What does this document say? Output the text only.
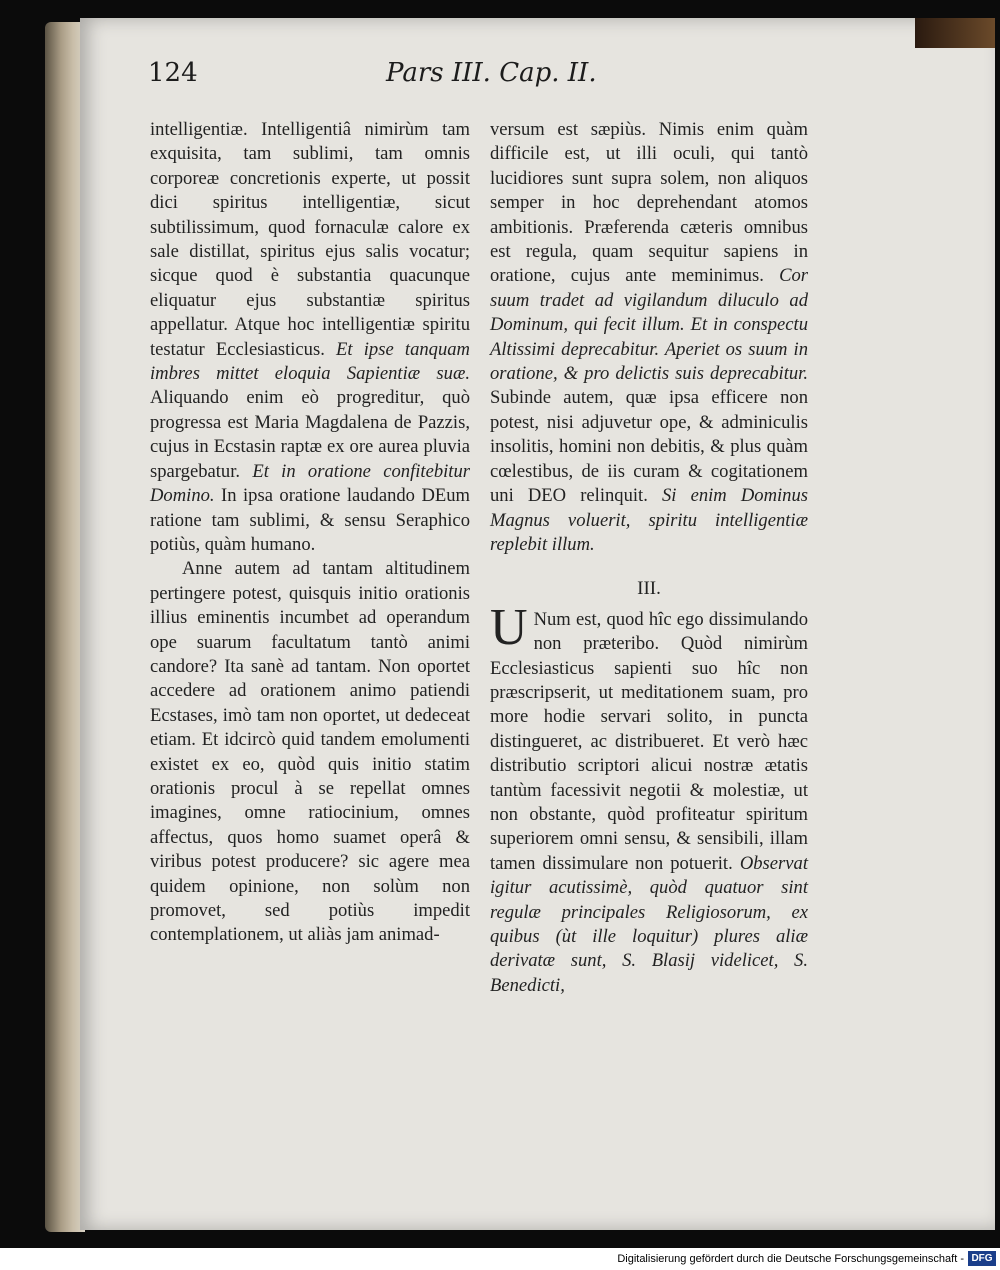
124	Pars III. Cap. II.

intelligentiæ. Intelligentiâ nimirùm tam exquisita, tam sublimi, tam omnis corporeæ concretionis experte, ut possit dici spiritus intelligentiæ, sicut subtilissimum, quod fornaculæ calore ex sale distillat, spiritus ejus salis vocatur; sicque quod è substantia quacunque eliquatur ejus substantiæ spiritus appellatur. Atque hoc intelligentiæ spiritu testatur Ecclesiasticus. Et ipse tanquam imbres mittet eloquia Sapientiæ suæ. Aliquando enim eò progreditur, quò progressa est Maria Magdalena de Pazzis, cujus in Ecstasin raptæ ex ore aurea pluvia spargebatur. Et in oratione confitebitur Domino. In ipsa oratione laudando DEum ratione tam sublimi, & sensu Seraphico potiùs, quàm humano.

Anne autem ad tantam altitudinem pertingere potest, quisquis initio orationis illius eminentis incumbet ad operandum ope suarum facultatum tantò animi candore? Ita sanè ad tantam. Non oportet accedere ad orationem animo patiendi Ecstases, imò tam non oportet, ut dedeceat etiam. Et idcircò quid tandem emolumenti existet ex eo, quòd quis initio statim orationis procul à se repellat omnes imagines, omne ratiocinium, omnes affectus, quos homo suamet operâ & viribus potest producere? sic agere mea quidem opinione, non solùm non promovet, sed potiùs impedit contemplationem, ut aliàs jam animad-

versum est sæpiùs. Nimis enim quàm difficile est, ut illi oculi, qui tantò lucidiores sunt supra solem, non aliquos semper in hoc deprehendant atomos ambitionis. Præferenda cæteris omnibus est regula, quam sequitur sapiens in oratione, cujus ante meminimus. Cor suum tradet ad vigilandum diluculo ad Dominum, qui fecit illum. Et in conspectu Altissimi deprecabitur. Aperiet os suum in oratione, & pro delictis suis deprecabitur. Subinde autem, quæ ipsa efficere non potest, nisi adjuvetur ope, & adminiculis insolitis, homini non debitis, & plus quàm cœlestibus, de iis curam & cogitationem uni DEO relinquit. Si enim Dominus Magnus voluerit, spiritu intelligentiæ replebit illum.

III.

U Num est, quod hîc ego dissimulando non præteribo. Quòd nimirùm Ecclesiasticus sapienti suo hîc non præscripserit, ut meditationem suam, pro more hodie servari solito, in puncta distingueret, ac distribueret. Et verò hæc distributio scriptori alicui nostræ ætatis tantùm facessivit negotii & molestiæ, ut non obstante, quòd profiteatur spiritum superiorem omni sensu, & sensibili, illam tamen dissimulare non potuerit. Observat igitur acutissimè, quòd quatuor sint regulæ principales Religiosorum, ex quibus (ùt ille loquitur) plures aliæ derivatæ sunt, S. Blasij videlicet, S. Benedicti,

Digitalisierung gefördert durch die Deutsche Forschungsgemeinschaft - DFG
